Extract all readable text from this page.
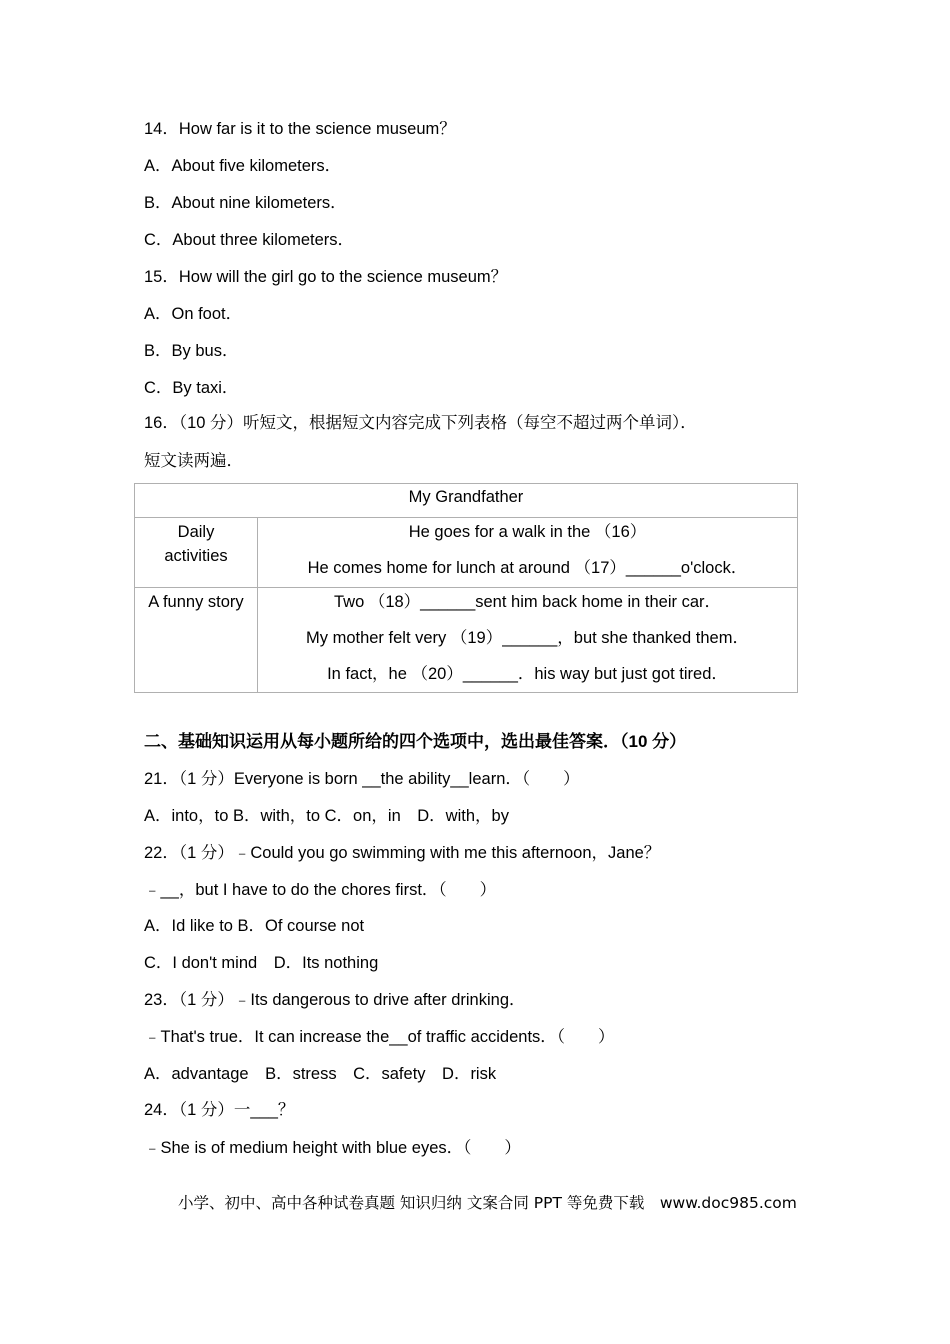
14．How far is it to the science museum？
A．About five kilometers．
B．About nine kilometers．
C．About three kilometers．
15．How will the girl go to the science museum？
A．On foot．
B．By bus．
C．By taxi．
16．（10 分）听短文，根据短文内容完成下列表格（每空不超过两个单词）．
短文读两遍．
My Grandfather	

Daily activities	He goes for a walk in the （16）
He comes home for lunch at around （17）______o'clock．

A funny story	Two （18）______sent him back home in their car．
My mother felt very （19）______，but she thanked them．
In fact，he （20）______．his way but just got tired．
二、基础知识运用从每小题所给的四个选项中，选出最佳答案．（10 分）
21．（1 分）Everyone is born __the ability__learn．（　　）
A．into，to B．with，to C．on，in　D．with，by
22．（1 分）﹣Could you go swimming with me this afternoon，Jane？
﹣__，but I have to do the chores first．（　　）
A．Id like to B．Of course not
C．I don't mind　D．Its nothing
23．（1 分）﹣Its dangerous to drive after drinking．
﹣That's true．It can increase the__of traffic accidents．（　　）
A．advantage　B．stress　C．safety　D．risk
24．（1 分）一___？
﹣She is of medium height with blue eyes．（　　）
小学、初中、高中各种试卷真题 知识归纳 文案合同 PPT 等免费下载　www.doc985.com
